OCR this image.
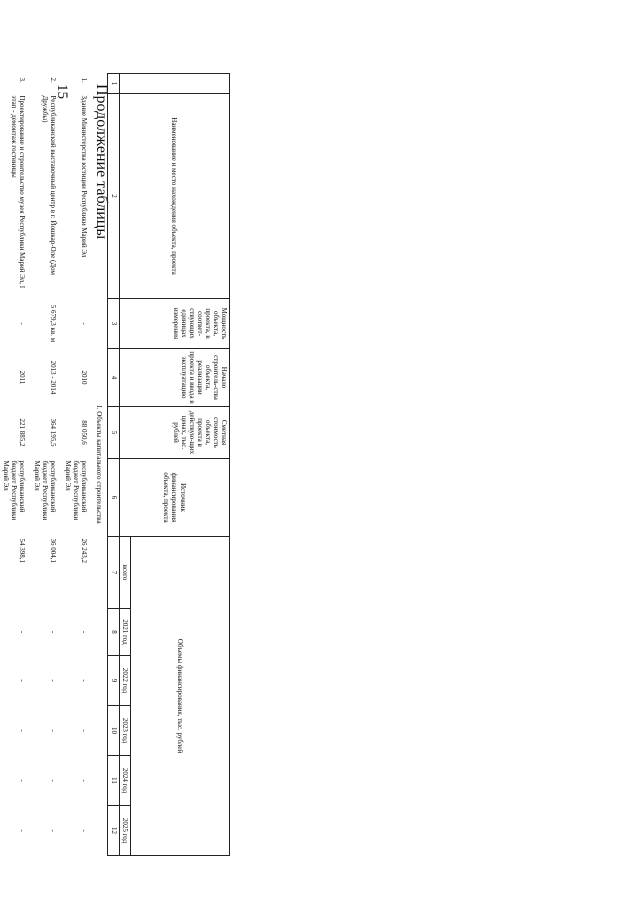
15 Продолжение таблицы
		Наименование и место нахождения объекта, проекта	Мощность объекта, проекта, в соответ-ствующих единицах измерения	Начало строитель-ства объекта, реализации проекта и ввода в эксплуатацию	Сметная стоимость объекта, проекта в действую-щих ценах, тыс. рублей	Источник финансирования объекта, проекта	Объемы финансирования, тыс. рублей					
						всего	2021 год	2022 год	2023 год	2024 год	2025 год
1	2	3	4	5	6	7	8	9	10	11	12
I. Объекты капитального строительства											
1.	Здание Министерства юстиции Республики Марий Эл	-	2010	88 050,6	республиканский бюджет Республики Марий Эл	26 243,2	-	-	-	-	-
2.	Республиканский выставочный центр в г. Йошкар-Оле (Дом Дружбы)	5 679,3 кв. м	2013 - 2014	364 195,5	республиканский бюджет Республики Марий Эл	36 004,1	-	-	-	-	-
3.	Проектирование и строительство музея Республики Марий Эл, I этап - демонтаж гостиницы	-	2011	221 885,2	республиканский бюджет Республики Марий Эл	54 398,1	-	-	-	-	-
